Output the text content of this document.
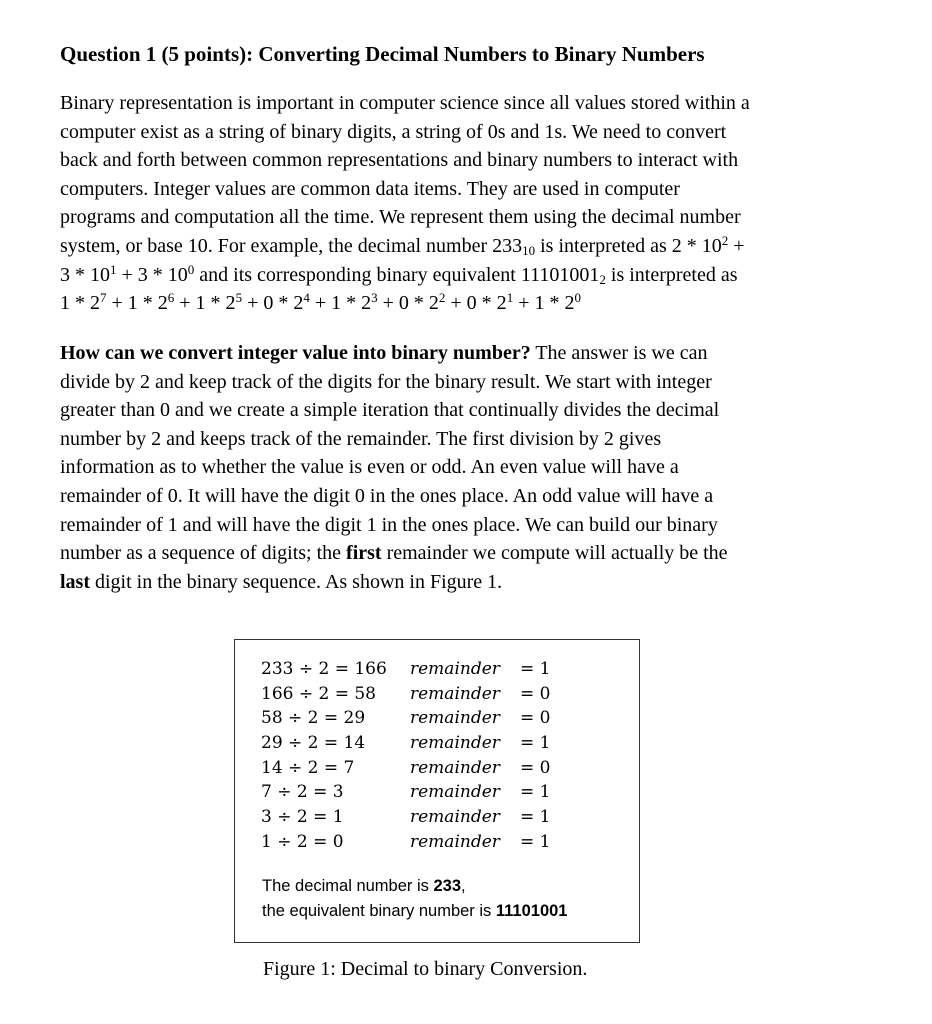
Question 1 (5 points): Converting Decimal Numbers to Binary Numbers
Binary representation is important in computer science since all values stored within a
computer exist as a string of binary digits, a string of 0s and 1s. We need to convert
back and forth between common representations and binary numbers to interact with
computers. Integer values are common data items. They are used in computer
programs and computation all the time. We represent them using the decimal number
system, or base 10. For example, the decimal number $233_{10}$ is interpreted as $2 * 10^2$ +
$3 * 10^1 + 3 * 10^0$ and its corresponding binary equivalent $11101001_2$ is interpreted as
$1 * 2^7 + 1 * 2^6 + 1 * 2^5 + 0 * 2^4 + 1 * 2^3 + 0 * 2^2 + 0 * 2^1 + 1 * 2^0$
How can we convert integer value into binary number? The answer is we can
divide by 2 and keep track of the digits for the binary result. We start with integer
greater than 0 and we create a simple iteration that continually divides the decimal
number by 2 and keeps track of the remainder. The first division by 2 gives
information as to whether the value is even or odd. An even value will have a
remainder of 0. It will have the digit 0 in the ones place. An odd value will have a
remainder of 1 and will have the digit 1 in the ones place. We can build our binary
number as a sequence of digits; the first remainder we compute will actually be the
last digit in the binary sequence. As shown in Figure 1.
233 ÷ 2 = 166 remainder = 1
166 ÷ 2 = 58 remainder = 0
58 ÷ 2 = 29	remainder = 0
29 ÷ 2 = 14	remainder = 1
14 ÷ 2 = 7	remainder = 0
7 ÷ 2 = 3	remainder = 1
3 ÷ 2 = 1	remainder = 1
1 ÷ 2 = 0	remainder = 1
The decimal number is 233,
the equivalent binary number is 11101001
Figure 1: Decimal to binary Conversion.
